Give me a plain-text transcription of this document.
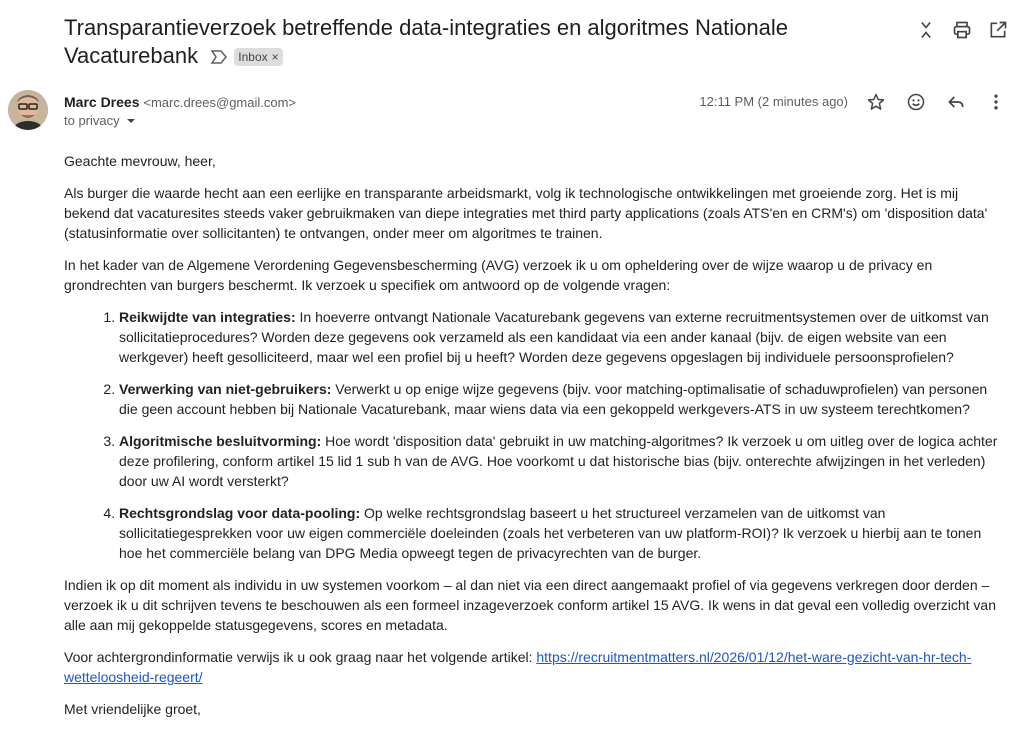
Transparantieverzoek betreffende data-integraties en algoritmes Nationale Vacaturebank	Inbox ×
Marc Drees <marc.drees@gmail.com>
to privacy
12:11 PM (2 minutes ago)

Geachte mevrouw, heer,

Als burger die waarde hecht aan een eerlijke en transparante arbeidsmarkt, volg ik technologische ontwikkelingen met groeiende zorg. Het is mij bekend dat vacaturesites steeds vaker gebruikmaken van diepe integraties met third party applications (zoals ATS'en en CRM's) om 'disposition data' (statusinformatie over sollicitanten) te ontvangen, onder meer om algoritmes te trainen.

In het kader van de Algemene Verordening Gegevensbescherming (AVG) verzoek ik u om opheldering over de wijze waarop u de privacy en grondrechten van burgers beschermt. Ik verzoek u specifiek om antwoord op de volgende vragen:

1. Reikwijdte van integraties: In hoeverre ontvangt Nationale Vacaturebank gegevens van externe recruitmentsystemen over de uitkomst van sollicitatieprocedures? Worden deze gegevens ook verzameld als een kandidaat via een ander kanaal (bijv. de eigen website van een werkgever) heeft gesolliciteerd, maar wel een profiel bij u heeft? Worden deze gegevens opgeslagen bij individuele persoonsprofielen?
2. Verwerking van niet-gebruikers: Verwerkt u op enige wijze gegevens (bijv. voor matching-optimalisatie of schaduwprofielen) van personen die geen account hebben bij Nationale Vacaturebank, maar wiens data via een gekoppeld werkgevers-ATS in uw systeem terechtkomen?
3. Algoritmische besluitvorming: Hoe wordt 'disposition data' gebruikt in uw matching-algoritmes? Ik verzoek u om uitleg over de logica achter deze profilering, conform artikel 15 lid 1 sub h van de AVG. Hoe voorkomt u dat historische bias (bijv. onterechte afwijzingen in het verleden) door uw AI wordt versterkt?
4. Rechtsgrondslag voor data-pooling: Op welke rechtsgrondslag baseert u het structureel verzamelen van de uitkomst van sollicitatiegesprekken voor uw eigen commerciële doeleinden (zoals het verbeteren van uw platform-ROI)? Ik verzoek u hierbij aan te tonen hoe het commerciële belang van DPG Media opweegt tegen de privacyrechten van de burger.

Indien ik op dit moment als individu in uw systemen voorkom – al dan niet via een direct aangemaakt profiel of via gegevens verkregen door derden – verzoek ik u dit schrijven tevens te beschouwen als een formeel inzageverzoek conform artikel 15 AVG. Ik wens in dat geval een volledig overzicht van alle aan mij gekoppelde statusgegevens, scores en metadata.

Voor achtergrondinformatie verwijs ik u ook graag naar het volgende artikel: https://recruitmentmatters.nl/2026/01/12/het-ware-gezicht-van-hr-tech-wetteloosheid-regeert/

Met vriendelijke groet,
